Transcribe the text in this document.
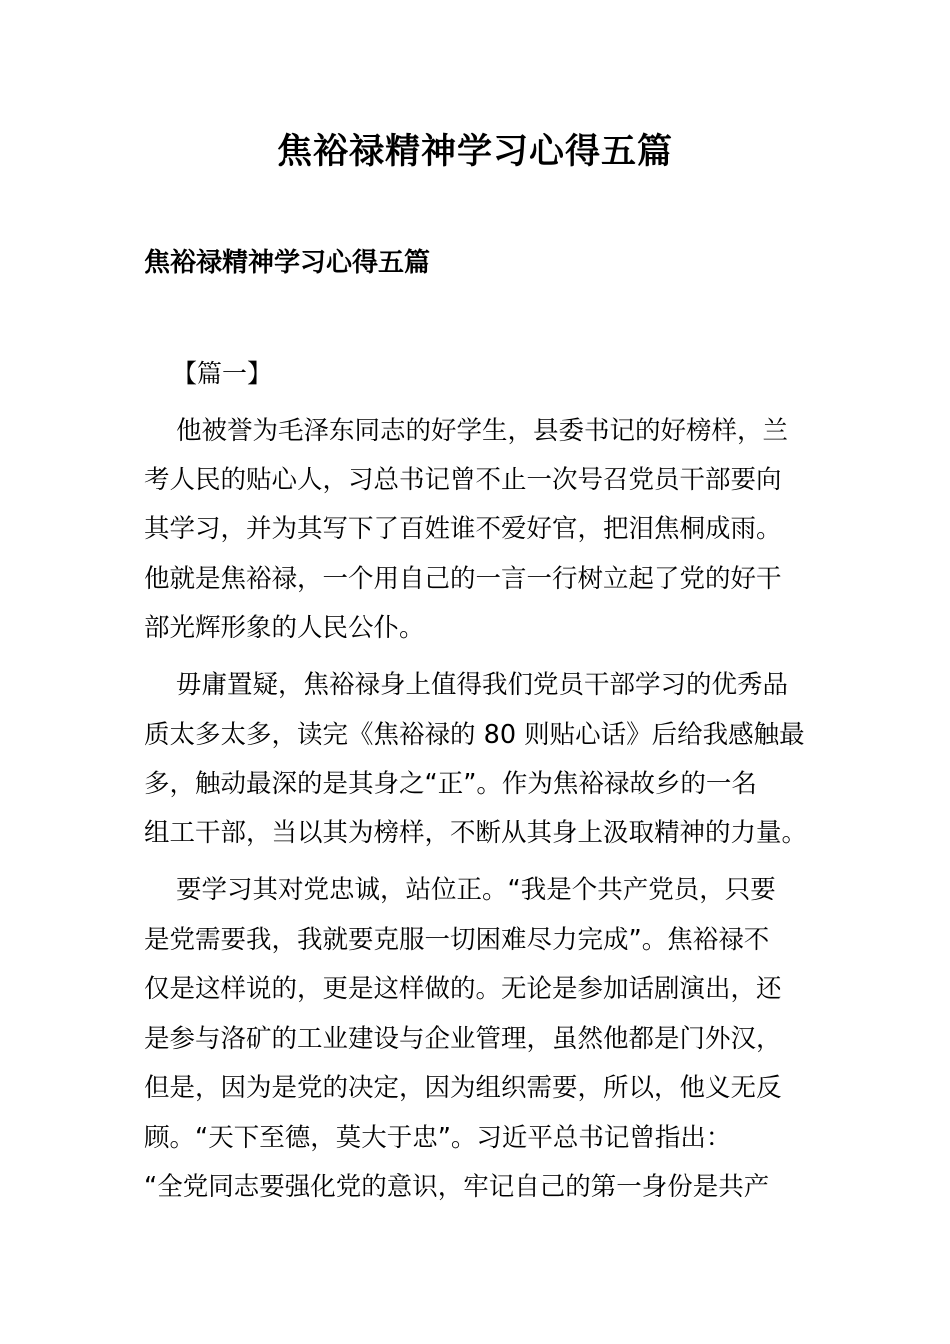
焦裕禄精神学习心得五篇
焦裕禄精神学习心得五篇
【篇一】
他被誉为毛泽东同志的好学生，县委书记的好榜样，兰
考人民的贴心人，习总书记曾不止一次号召党员干部要向
其学习，并为其写下了百姓谁不爱好官，把泪焦桐成雨。
他就是焦裕禄，一个用自己的一言一行树立起了党的好干
部光辉形象的人民公仆。
毋庸置疑，焦裕禄身上值得我们党员干部学习的优秀品
质太多太多，读完《焦裕禄的 80 则贴心话》后给我感触最
多，触动最深的是其身之“正”。作为焦裕禄故乡的一名
组工干部，当以其为榜样，不断从其身上汲取精神的力量。
要学习其对党忠诚，站位正。“我是个共产党员，只要
是党需要我，我就要克服一切困难尽力完成”。焦裕禄不
仅是这样说的，更是这样做的。无论是参加话剧演出，还
是参与洛矿的工业建设与企业管理，虽然他都是门外汉，
但是，因为是党的决定，因为组织需要，所以，他义无反
顾。“天下至德，莫大于忠”。习近平总书记曾指出：
“全党同志要强化党的意识，牢记自己的第一身份是共产
